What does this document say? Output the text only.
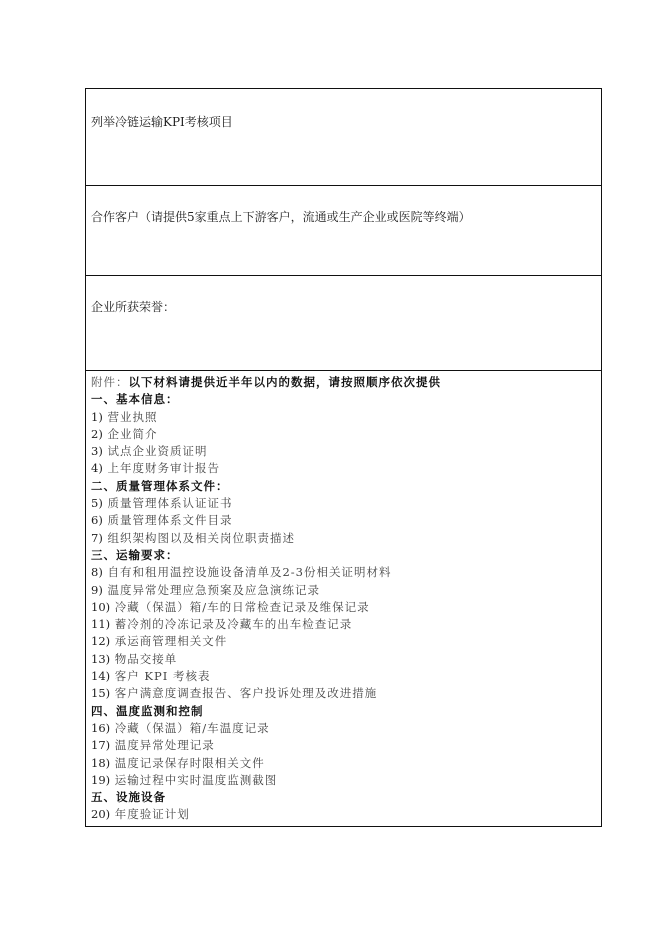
列举冷链运输KPI考核项目
合作客户（请提供5家重点上下游客户，流通或生产企业或医院等终端）
企业所获荣誉：
附件：以下材料请提供近半年以内的数据，请按照顺序依次提供
一、基本信息：
1) 营业执照
2) 企业简介
3) 试点企业资质证明
4) 上年度财务审计报告
二、质量管理体系文件：
5) 质量管理体系认证证书
6) 质量管理体系文件目录
7) 组织架构图以及相关岗位职责描述
三、运输要求：
8) 自有和租用温控设施设备清单及2-3份相关证明材料
9) 温度异常处理应急预案及应急演练记录
10) 冷藏（保温）箱/车的日常检查记录及维保记录
11) 蓄冷剂的冷冻记录及冷藏车的出车检查记录
12) 承运商管理相关文件
13) 物品交接单
14) 客户 KPI 考核表
15) 客户满意度调查报告、客户投诉处理及改进措施
四、温度监测和控制
16) 冷藏（保温）箱/车温度记录
17) 温度异常处理记录
18) 温度记录保存时限相关文件
19) 运输过程中实时温度监测截图
五、设施设备
20) 年度验证计划
